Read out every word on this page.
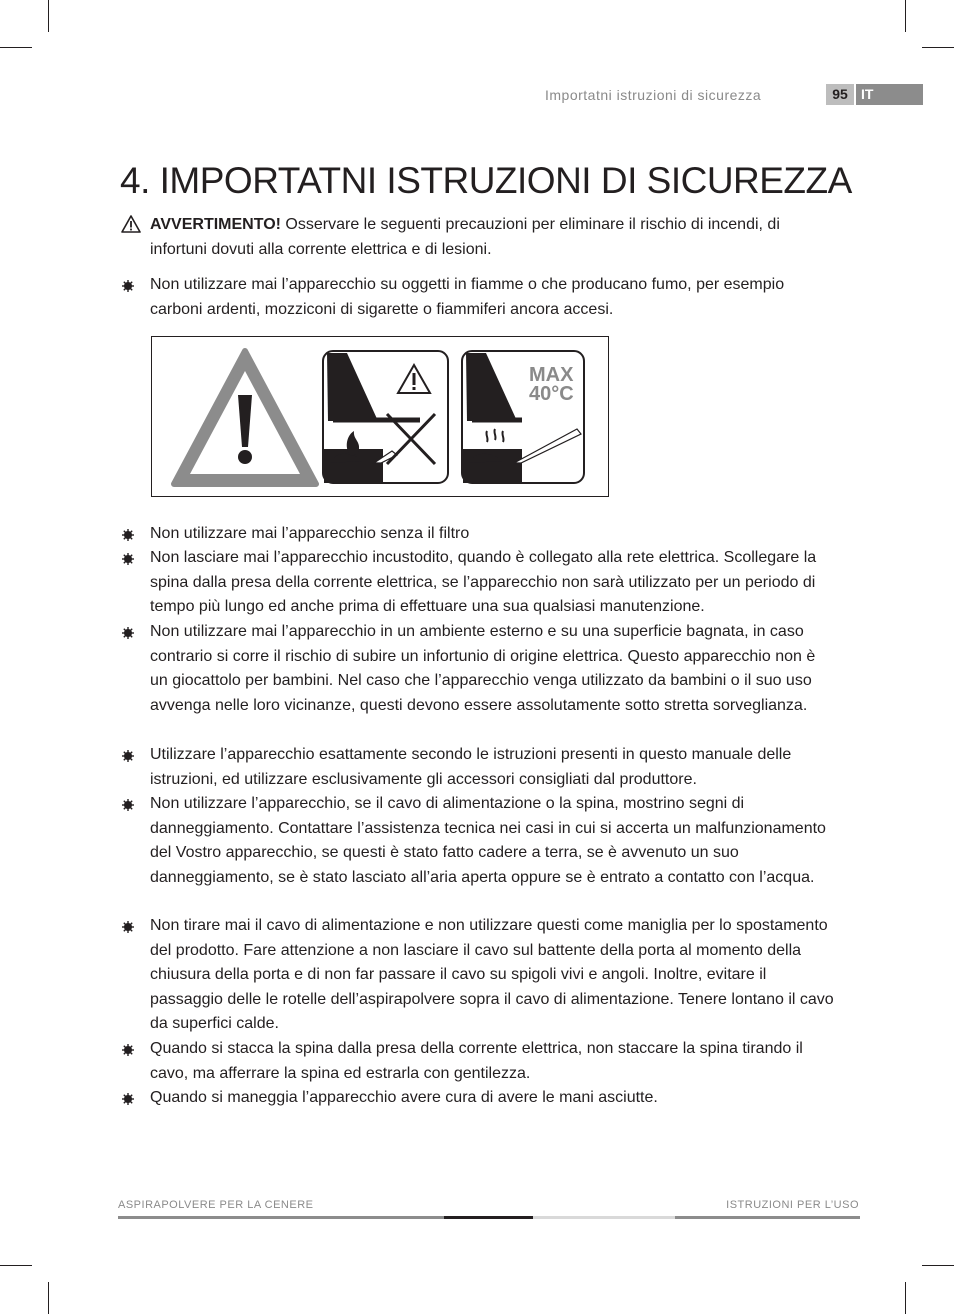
Importatni istruzioni di sicurezza	95 IT
4. IMPORTATNI ISTRUZIONI DI SICUREZZA
AVVERTIMENTO! Osservare le seguenti precauzioni per eliminare il rischio di incendi, di infortuni dovuti alla corrente elettrica e di lesioni.
Non utilizzare mai l’apparecchio su oggetti in fiamme o che producano fumo, per esempio carboni ardenti, mozziconi di sigarette o fiammiferi ancora accesi.
MAX
40°C
Non utilizzare mai l’apparecchio senza il filtro
Non lasciare mai l’apparecchio incustodito, quando è collegato alla rete elettrica. Scollegare la spina dalla presa della corrente elettrica, se l’apparecchio non sarà utilizzato per un periodo di tempo più lungo ed anche prima di effettuare una sua qualsiasi manutenzione.
Non utilizzare mai l’apparecchio in un ambiente esterno e su una superficie bagnata, in caso contrario si corre il rischio di subire un infortunio di origine elettrica. Questo apparecchio non è un giocattolo per bambini. Nel caso che l’apparecchio venga utilizzato da bambini o il suo uso avvenga nelle loro vicinanze, questi devono essere assolutamente sotto stretta sorveglianza.
Utilizzare l’apparecchio esattamente secondo le istruzioni presenti in questo manuale delle istruzioni, ed utilizzare esclusivamente gli accessori consigliati dal produttore.
Non utilizzare l’apparecchio, se il cavo di alimentazione o la spina, mostrino segni di danneggiamento. Contattare l’assistenza tecnica nei casi in cui si accerta un malfunzionamento del Vostro apparecchio, se questi è stato fatto cadere a terra, se è avvenuto un suo danneggiamento, se è stato lasciato all’aria aperta oppure se è entrato a contatto con l’acqua.
Non tirare mai il cavo di alimentazione e non utilizzare questi come maniglia per lo spostamento del prodotto. Fare attenzione a non lasciare il cavo sul battente della porta al momento della chiusura della porta e di non far passare il cavo su spigoli vivi e angoli. Inoltre, evitare il passaggio delle le rotelle dell’aspirapolvere sopra il cavo di alimentazione. Tenere lontano il cavo da superfici calde.
Quando si stacca la spina dalla presa della corrente elettrica, non staccare la spina tirando il cavo, ma afferrare la spina ed estrarla con gentilezza.
Quando si maneggia l’apparecchio avere cura di avere le mani asciutte.
ASPIRAPOLVERE PER LA CENERE	ISTRUZIONI PER L’USO
